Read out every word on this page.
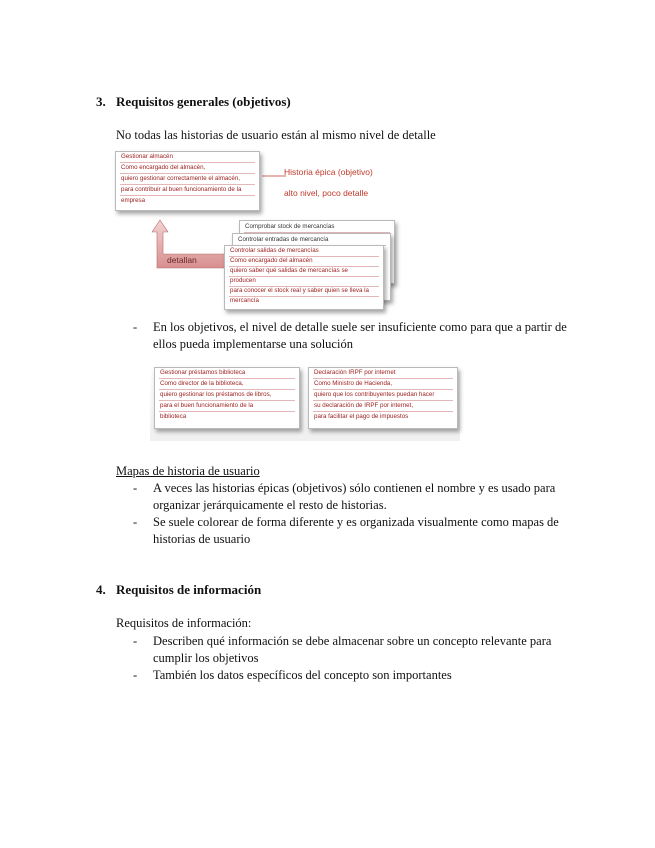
3. Requisitos generales (objetivos)
No todas las historias de usuario están al mismo nivel de detalle
Gestionar almacén
Como encargado del almacén,
quiero gestionar correctamente el almacén,
para contribuir al buen funcionamiento de la
empresa
Historia épica (objetivo)
alto nivel, poco detalle
detallan
Comprobar stock de mercancías
Controlar entradas de mercancía
Controlar salidas de mercancías
Como encargado del almacén
quiero saber qué salidas de mercancías se
producen
para conocer el stock real y saber quien se lleva la
mercancía
- En los objetivos, el nivel de detalle suele ser insuficiente como para que a partir de ellos pueda implementarse una solución
Gestionar préstamos biblioteca
Como director de la biblioteca,
quiero gestionar los préstamos de libros,
para el buen funcionamiento de la
biblioteca
Declaración IRPF por internet
Como Ministro de Hacienda,
quiero que los contribuyentes puedan hacer
su declaración de IRPF por internet,
para facilitar el pago de impuestos
Mapas de historia de usuario
- A veces las historias épicas (objetivos) sólo contienen el nombre y es usado para organizar jerárquicamente el resto de historias.
- Se suele colorear de forma diferente y es organizada visualmente como mapas de historias de usuario
4. Requisitos de información
Requisitos de información:
- Describen qué información se debe almacenar sobre un concepto relevante para cumplir los objetivos
- También los datos específicos del concepto son importantes
